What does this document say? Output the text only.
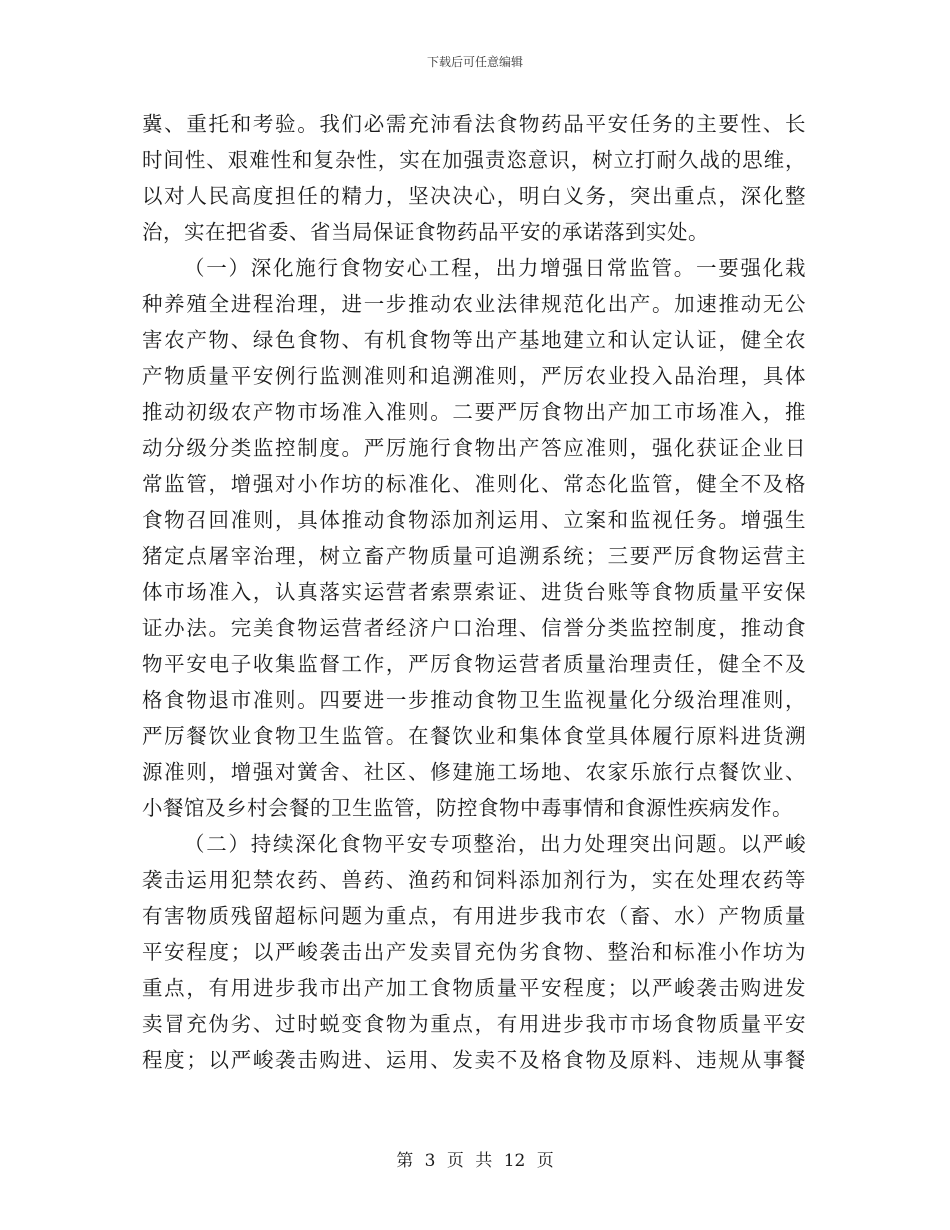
下载后可任意编辑
冀、重托和考验。我们必需充沛看法食物药品平安任务的主要性、长
时间性、艰难性和复杂性，实在加强责恣意识，树立打耐久战的思维，
以对人民高度担任的精力，坚决决心，明白义务，突出重点，深化整
治，实在把省委、省当局保证食物药品平安的承诺落到实处。
（一）深化施行食物安心工程，出力增强日常监管。一要强化栽
种养殖全进程治理，进一步推动农业法律规范化出产。加速推动无公
害农产物、绿色食物、有机食物等出产基地建立和认定认证，健全农
产物质量平安例行监测准则和追溯准则，严厉农业投入品治理，具体
推动初级农产物市场准入准则。二要严厉食物出产加工市场准入，推
动分级分类监控制度。严厉施行食物出产答应准则，强化获证企业日
常监管，增强对小作坊的标准化、准则化、常态化监管，健全不及格
食物召回准则，具体推动食物添加剂运用、立案和监视任务。增强生
猪定点屠宰治理，树立畜产物质量可追溯系统；三要严厉食物运营主
体市场准入，认真落实运营者索票索证、进货台账等食物质量平安保
证办法。完美食物运营者经济户口治理、信誉分类监控制度，推动食
物平安电子收集监督工作，严厉食物运营者质量治理责任，健全不及
格食物退市准则。四要进一步推动食物卫生监视量化分级治理准则，
严厉餐饮业食物卫生监管。在餐饮业和集体食堂具体履行原料进货溯
源准则，增强对黉舍、社区、修建施工场地、农家乐旅行点餐饮业、
小餐馆及乡村会餐的卫生监管，防控食物中毒事情和食源性疾病发作。
（二）持续深化食物平安专项整治，出力处理突出问题。以严峻
袭击运用犯禁农药、兽药、渔药和饲料添加剂行为，实在处理农药等
有害物质残留超标问题为重点，有用进步我市农（畜、水）产物质量
平安程度；以严峻袭击出产发卖冒充伪劣食物、整治和标准小作坊为
重点，有用进步我市出产加工食物质量平安程度；以严峻袭击购进发
卖冒充伪劣、过时蜕变食物为重点，有用进步我市市场食物质量平安
程度；以严峻袭击购进、运用、发卖不及格食物及原料、违规从事餐
第 3 页 共 12 页
